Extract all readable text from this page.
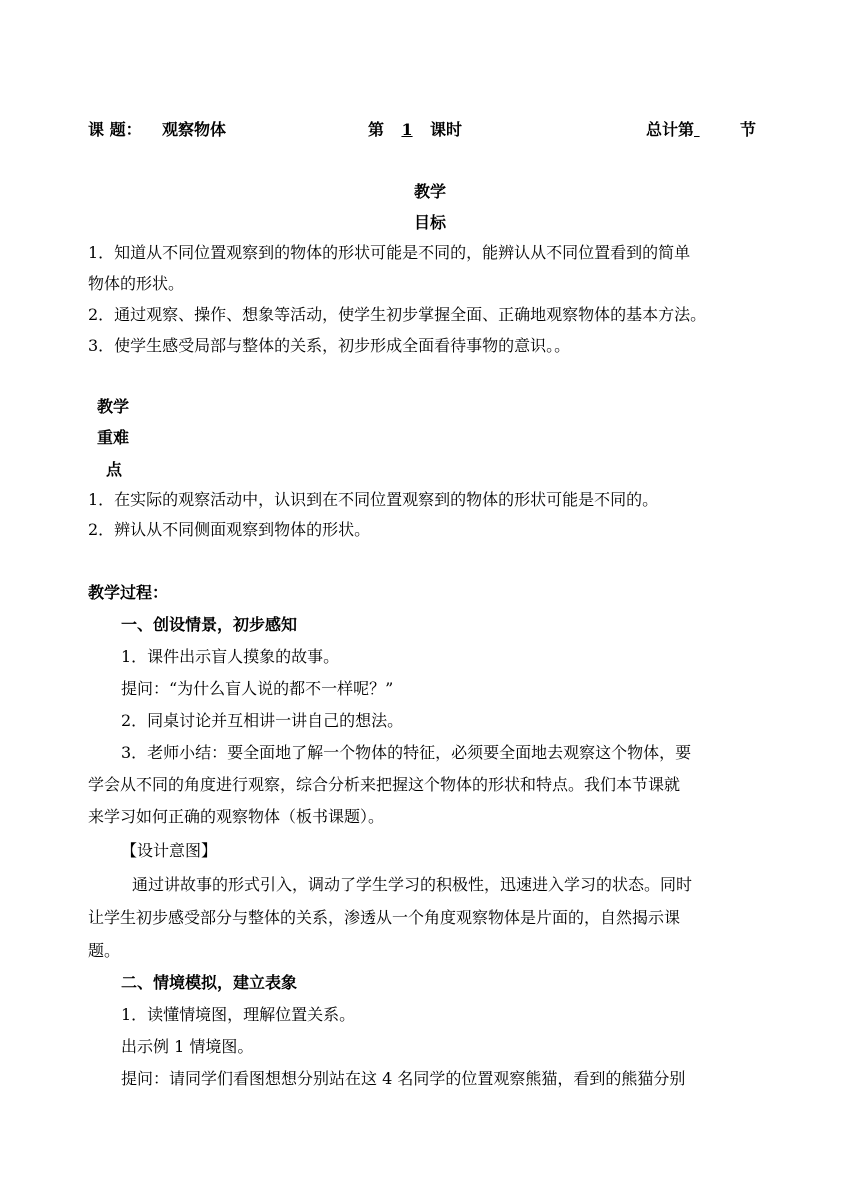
课 题： 观察物体	第 1 课时	总计第	节
教学
目标
1．知道从不同位置观察到的物体的形状可能是不同的，能辨认从不同位置看到的简单
物体的形状。
2．通过观察、操作、想象等活动，使学生初步掌握全面、正确地观察物体的基本方法。
3．使学生感受局部与整体的关系，初步形成全面看待事物的意识。。
教学
重难
点
1．在实际的观察活动中，认识到在不同位置观察到的物体的形状可能是不同的。
2．辨认从不同侧面观察到物体的形状。
教学过程：
一、创设情景，初步感知
1．课件出示盲人摸象的故事。
提问：“为什么盲人说的都不一样呢？”
2．同桌讨论并互相讲一讲自己的想法。
3．老师小结：要全面地了解一个物体的特征，必须要全面地去观察这个物体，要
学会从不同的角度进行观察，综合分析来把握这个物体的形状和特点。我们本节课就
来学习如何正确的观察物体（板书课题）。
【设计意图】
通过讲故事的形式引入，调动了学生学习的积极性，迅速进入学习的状态。同时
让学生初步感受部分与整体的关系，渗透从一个角度观察物体是片面的，自然揭示课
题。
二、情境模拟，建立表象
1．读懂情境图，理解位置关系。
出示例 1 情境图。
提问：请同学们看图想想分别站在这 4 名同学的位置观察熊猫，看到的熊猫分别
